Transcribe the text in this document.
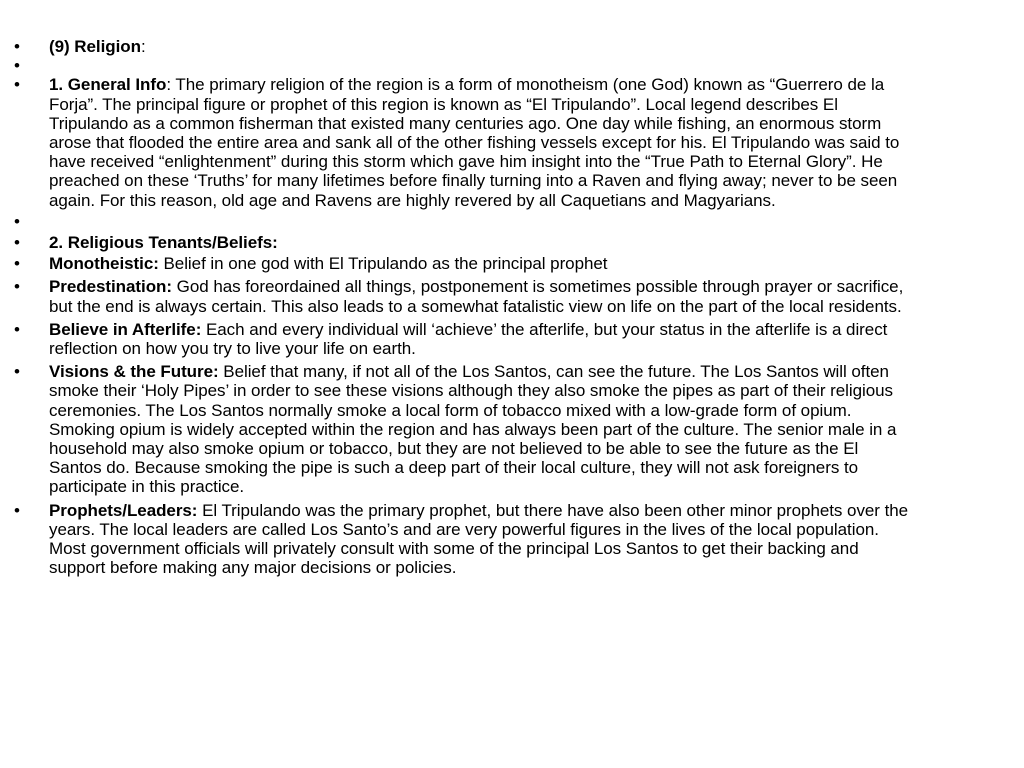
•	(9) Religion:
•
•	1. General Info: The primary religion of the region is a form of monotheism (one God) known as “Guerrero de la Forja”. The principal figure or prophet of this region is known as “El Tripulando”. Local legend describes El Tripulando as a common fisherman that existed many centuries ago. One day while fishing, an enormous storm arose that flooded the entire area and sank all of the other fishing vessels except for his. El Tripulando was said to have received “enlightenment” during this storm which gave him insight into the “True Path to Eternal Glory”. He preached on these ‘Truths’ for many lifetimes before finally turning into a Raven and flying away; never to be seen again. For this reason, old age and Ravens are highly revered by all Caquetians and Magyarians.
•
•	2. Religious Tenants/Beliefs:
•	Monotheistic: Belief in one god with El Tripulando as the principal prophet
•	Predestination: God has foreordained all things, postponement is sometimes possible through prayer or sacrifice, but the end is always certain. This also leads to a somewhat fatalistic view on life on the part of the local residents.
•	Believe in Afterlife: Each and every individual will ‘achieve’ the afterlife, but your status in the afterlife is a direct reflection on how you try to live your life on earth.
•	Visions & the Future: Belief that many, if not all of the Los Santos, can see the future. The Los Santos will often smoke their ‘Holy Pipes’ in order to see these visions although they also smoke the pipes as part of their religious ceremonies. The Los Santos normally smoke a local form of tobacco mixed with a low-grade form of opium. Smoking opium is widely accepted within the region and has always been part of the culture. The senior male in a household may also smoke opium or tobacco, but they are not believed to be able to see the future as the El Santos do. Because smoking the pipe is such a deep part of their local culture, they will not ask foreigners to participate in this practice.
•	Prophets/Leaders: El Tripulando was the primary prophet, but there have also been other minor prophets over the years. The local leaders are called Los Santo’s and are very powerful figures in the lives of the local population. Most government officials will privately consult with some of the principal Los Santos to get their backing and support before making any major decisions or policies.
